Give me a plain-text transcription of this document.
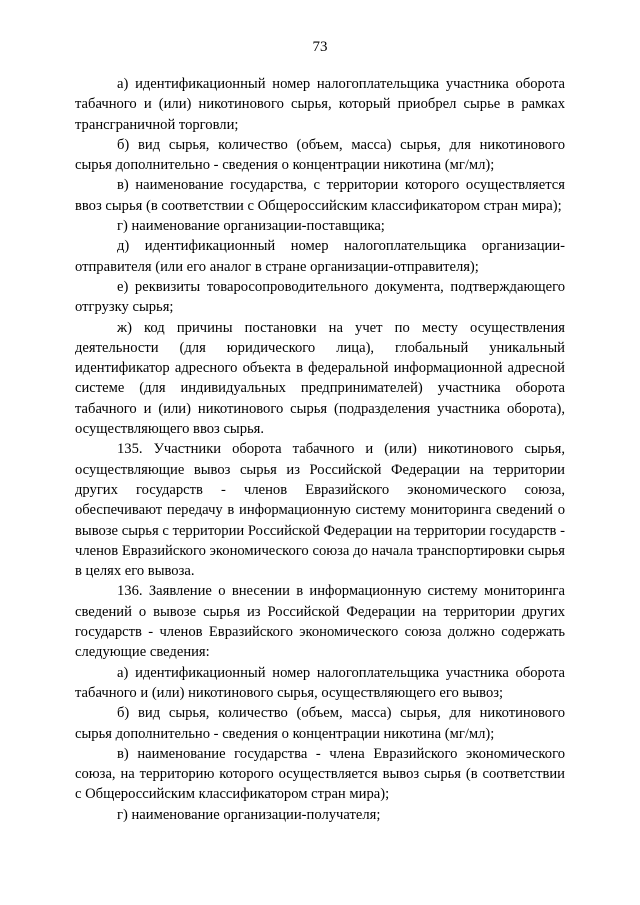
73

а) идентификационный номер налогоплательщика участника оборота табачного и (или) никотинового сырья, который приобрел сырье в рамках трансграничной торговли;

б) вид сырья, количество (объем, масса) сырья, для никотинового сырья дополнительно - сведения о концентрации никотина (мг/мл);

в) наименование государства, с территории которого осуществляется ввоз сырья (в соответствии с Общероссийским классификатором стран мира);

г) наименование организации-поставщика;

д) идентификационный номер налогоплательщика организации-отправителя (или его аналог в стране организации-отправителя);

е) реквизиты товаросопроводительного документа, подтверждающего отгрузку сырья;

ж) код причины постановки на учет по месту осуществления деятельности (для юридического лица), глобальный уникальный идентификатор адресного объекта в федеральной информационной адресной системе (для индивидуальных предпринимателей) участника оборота табачного и (или) никотинового сырья (подразделения участника оборота), осуществляющего ввоз сырья.

135. Участники оборота табачного и (или) никотинового сырья, осуществляющие вывоз сырья из Российской Федерации на территории других государств - членов Евразийского экономического союза, обеспечивают передачу в информационную систему мониторинга сведений о вывозе сырья с территории Российской Федерации на территории государств - членов Евразийского экономического союза до начала транспортировки сырья в целях его вывоза.

136. Заявление о внесении в информационную систему мониторинга сведений о вывозе сырья из Российской Федерации на территории других государств - членов Евразийского экономического союза должно содержать следующие сведения:

а) идентификационный номер налогоплательщика участника оборота табачного и (или) никотинового сырья, осуществляющего его вывоз;

б) вид сырья, количество (объем, масса) сырья, для никотинового сырья дополнительно - сведения о концентрации никотина (мг/мл);

в) наименование государства - члена Евразийского экономического союза, на территорию которого осуществляется вывоз сырья (в соответствии с Общероссийским классификатором стран мира);

г) наименование организации-получателя;
